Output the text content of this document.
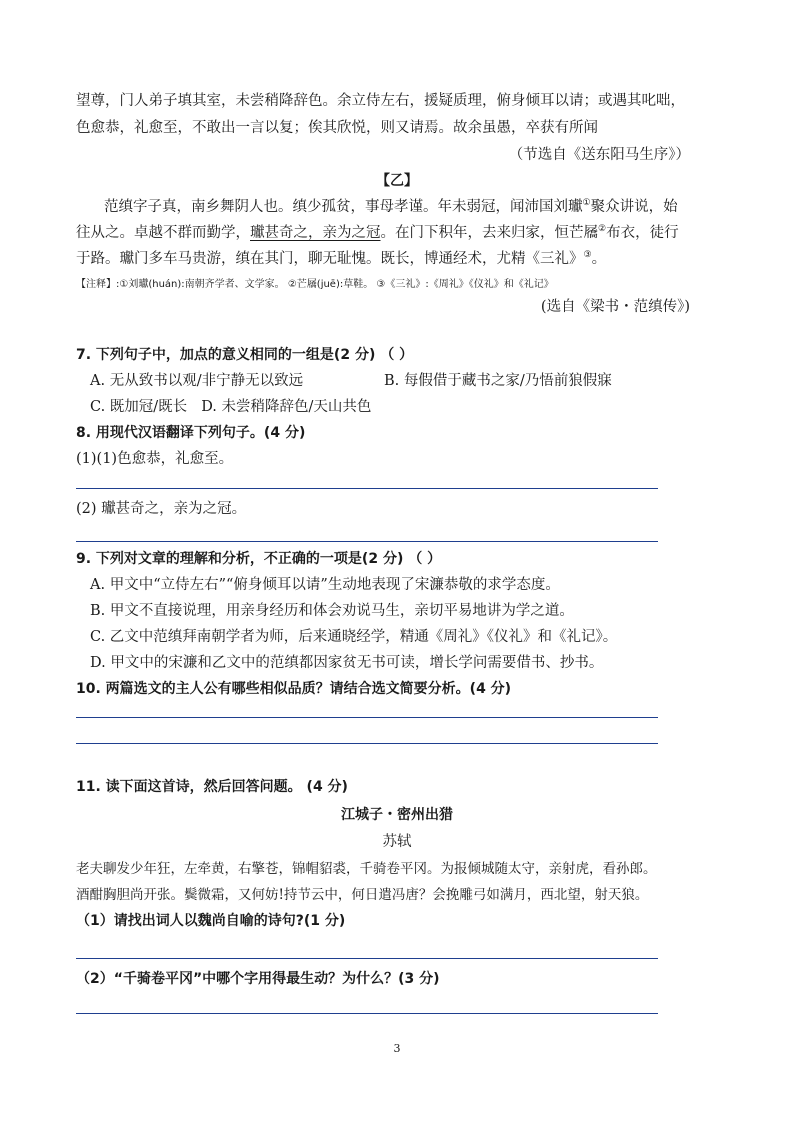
望尊，门人弟子填其室，未尝稍降辞色。余立侍左右，援疑质理，俯身倾耳以请；或遇其叱咄，
色愈恭，礼愈至，不敢出一言以复；俟其欣悦，则又请焉。故余虽愚，卒获有所闻
（节选自《送东阳马生序》）
【乙】
范缜字子真，南乡舞阴人也。缜少孤贫，事母孝谨。年未弱冠，闻沛国刘瓛①聚众讲说，始
往从之。卓越不群而勤学，瓛甚奇之，亲为之冠。在门下积年，去来归家，恒芒屩②布衣，徒行
于路。瓛门多车马贵游，缜在其门，聊无耻愧。既长，博通经术，尤精《三礼》③。
【注释】:①刘瓛(huán):南朝齐学者、文学家。 ②芒屩(juē):草鞋。 ③《三礼》:《周礼》《仪礼》和《礼记》
(选自《梁书・范缜传》)
7. 下列句子中，加点的意义相同的一组是(2 分) （ ）
A. 无从致书以观/非宁静无以致远	B. 每假借于藏书之家/乃悟前狼假寐
C. 既加冠/既长 D. 未尝稍降辞色/天山共色
8. 用现代汉语翻译下列句子。(4 分)
(1)(1)色愈恭，礼愈至。
(2) 瓛甚奇之，亲为之冠。
9. 下列对文章的理解和分析，不正确的一项是(2 分) （ ）
A. 甲文中“立侍左右”“俯身倾耳以请”生动地表现了宋濂恭敬的求学态度。
B. 甲文不直接说理，用亲身经历和体会劝说马生，亲切平易地讲为学之道。
C. 乙文中范缜拜南朝学者为师，后来通晓经学，精通《周礼》《仪礼》和《礼记》。
D. 甲文中的宋濂和乙文中的范缜都因家贫无书可读，增长学问需要借书、抄书。
10. 两篇选文的主人公有哪些相似品质？请结合选文简要分析。(4 分)
11. 读下面这首诗，然后回答问题。 (4 分)
江城子・密州出猎
苏轼
老夫聊发少年狂，左牵黄，右擎苍，锦帽貂裘，千骑卷平冈。为报倾城随太守，亲射虎，看孙郎。
酒酣胸胆尚开张。鬓微霜，又何妨!持节云中，何日遣冯唐？会挽雕弓如满月，西北望，射天狼。
（1）请找出词人以魏尚自喻的诗句?(1 分)
（2）“千骑卷平冈”中哪个字用得最生动？为什么？(3 分)
3
